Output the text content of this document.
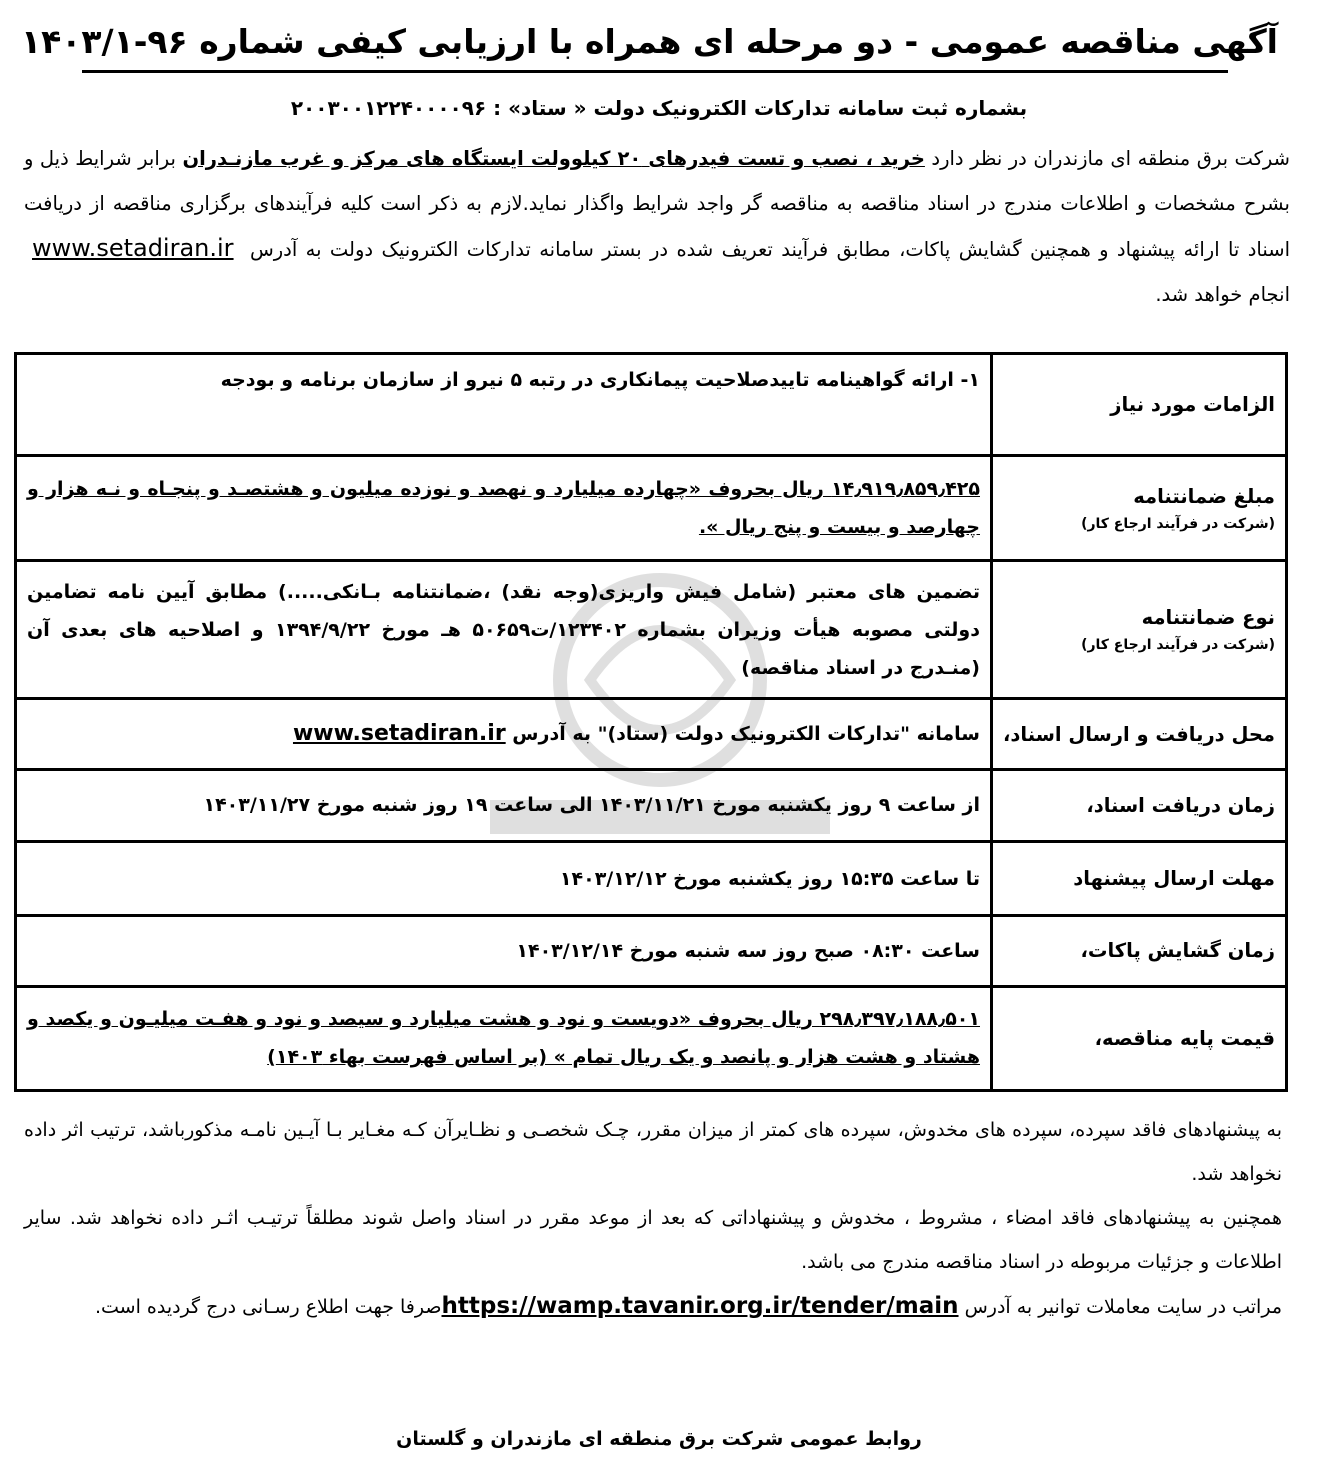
آگهی مناقصه عمومی - دو مرحله ای همراه با ارزیابی کیفی شماره ۹۶-۱۴۰۳/۱
بشماره ثبت سامانه تدارکات الکترونیک دولت « ستاد» : ۲۰۰۳۰۰۱۲۲۴۰۰۰۰۹۶
شرکت برق منطقه ای مازندران در نظر دارد خرید ، نصب و تست فیدرهای ۲۰ کیلوولت ایستگاه های مرکز و غرب مازنـدران برابر شرایط ذیل و بشرح مشخصات و اطلاعات مندرج در اسناد مناقصه به مناقصه گر واجد شرایط واگذار نماید.لازم به ذکر است کلیه فرآیندهای برگزاری مناقصه از دریافت اسناد تا ارائه پیشنهاد و همچنین گشایش پاکات، مطابق فرآیند تعریف شده در بستر سامانه تدارکات الکترونیک دولت به آدرس www.setadiran.ir انجام خواهد شد.
الزامات مورد نیاز	۱- ارائه گواهینامه تاییدصلاحیت پیمانکاری در رتبه ۵ نیرو از سازمان برنامه و بودجه
مبلغ ضمانتنامه
(شرکت در فرآیند ارجاع کار)	۱۴٫۹۱۹٫۸۵۹٫۴۲۵ ریال بحروف «چهارده میلیارد و نهصد و نوزده میلیون و هشتصـد و پنجـاه و نـه هزار و چهارصد و بیست و پنج ریال ».
نوع ضمانتنامه
(شرکت در فرآیند ارجاع کار)	تضمین های معتبر (شامل فیش واریزی(وجه نقد) ،ضمانتنامه بـانکی.....) مطابق آیین نامه تضامین دولتی مصوبه هیأت وزیران بشماره ۱۲۳۴۰۲/ت۵۰۶۵۹ هـ مورخ ۱۳۹۴/۹/۲۲ و اصلاحیه های بعدی آن (منـدرج در اسناد مناقصه)
محل دریافت و ارسال اسناد،	سامانه "تدارکات الکترونیک دولت (ستاد)" به آدرس www.setadiran.ir
زمان دریافت اسناد،	از ساعت ۹ روز یکشنبه مورخ ۱۴۰۳/۱۱/۲۱ الی ساعت ۱۹ روز شنبه مورخ ۱۴۰۳/۱۱/۲۷
مهلت ارسال پیشنهاد	تا ساعت ۱۵:۳۵ روز یکشنبه مورخ ۱۴۰۳/۱۲/۱۲
زمان گشایش پاکات،	ساعت ۰۸:۳۰ صبح روز سه شنبه مورخ ۱۴۰۳/۱۲/۱۴
قیمت پایه مناقصه،	۲۹۸٫۳۹۷٫۱۸۸٫۵۰۱ ریال بحروف «دویست و نود و هشت میلیارد و سیصد و نود و هفـت میلیـون و یکصد و هشتاد و هشت هزار و پانصد و یک ریال تمام » (بر اساس فهرست بهاء ۱۴۰۳)

به پیشنهادهای فاقد سپرده، سپرده های مخدوش، سپرده های کمتر از میزان مقرر، چـک شخصـی و نظـایرآن کـه مغـایر بـا آیـین نامـه مذکورباشد، ترتیب اثر داده نخواهد شد.

همچنین به پیشنهادهای فاقد امضاء ، مشروط ، مخدوش و پیشنهاداتی که بعد از موعد مقرر در اسناد واصل شوند مطلقاً ترتیـب اثـر داده نخواهد شد. سایر اطلاعات و جزئیات مربوطه در اسناد مناقصه مندرج می باشد.

مراتب در سایت معاملات توانیر به آدرس https://wamp.tavanir.org.ir/tender/mainصرفا جهت اطلاع رسـانی درج گردیده است.

روابط عمومی شرکت برق منطقه ای مازندران و گلستان
